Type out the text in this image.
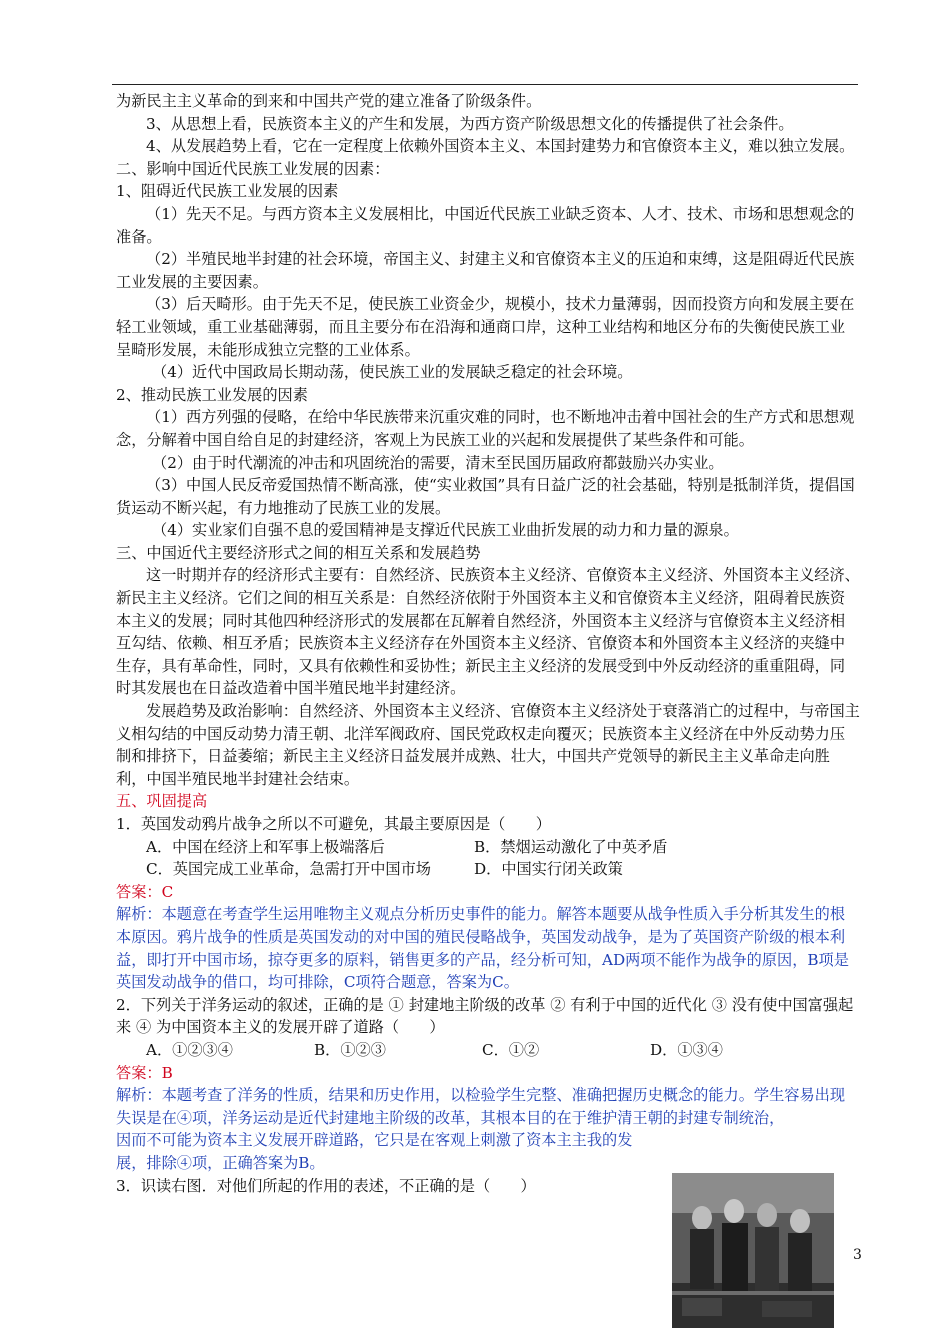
为新民主主义革命的到来和中国共产党的建立准备了阶级条件。

3、从思想上看，民族资本主义的产生和发展，为西方资产阶级思想文化的传播提供了社会条件。

4、从发展趋势上看，它在一定程度上依赖外国资本主义、本国封建势力和官僚资本主义，难以独立发展。

二、影响中国近代民族工业发展的因素：

1、阻碍近代民族工业发展的因素

（1）先天不足。与西方资本主义发展相比，中国近代民族工业缺乏资本、人才、技术、市场和思想观念的准备。

（2）半殖民地半封建的社会环境，帝国主义、封建主义和官僚资本主义的压迫和束缚，这是阻碍近代民族工业发展的主要因素。

（3）后天畸形。由于先天不足，使民族工业资金少，规模小，技术力量薄弱，因而投资方向和发展主要在轻工业领域，重工业基础薄弱，而且主要分布在沿海和通商口岸，这种工业结构和地区分布的失衡使民族工业呈畸形发展，未能形成独立完整的工业体系。

（4）近代中国政局长期动荡，使民族工业的发展缺乏稳定的社会环境。

2、推动民族工业发展的因素

（1）西方列强的侵略，在给中华民族带来沉重灾难的同时，也不断地冲击着中国社会的生产方式和思想观念，分解着中国自给自足的封建经济，客观上为民族工业的兴起和发展提供了某些条件和可能。

（2）由于时代潮流的冲击和巩固统治的需要，清末至民国历届政府都鼓励兴办实业。

（3）中国人民反帝爱国热情不断高涨，使“实业救国”具有日益广泛的社会基础，特别是抵制洋货，提倡国货运动不断兴起，有力地推动了民族工业的发展。

（4）实业家们自强不息的爱国精神是支撑近代民族工业曲折发展的动力和力量的源泉。

三、中国近代主要经济形式之间的相互关系和发展趋势

这一时期并存的经济形式主要有：自然经济、民族资本主义经济、官僚资本主义经济、外国资本主义经济、新民主主义经济。它们之间的相互关系是：自然经济依附于外国资本主义和官僚资本主义经济，阻碍着民族资本主义的发展；同时其他四种经济形式的发展都在瓦解着自然经济，外国资本主义经济与官僚资本主义经济相互勾结、依赖、相互矛盾；民族资本主义经济存在外国资本主义经济、官僚资本和外国资本主义经济的夹缝中生存，具有革命性，同时，又具有依赖性和妥协性；新民主主义经济的发展受到中外反动经济的重重阻碍，同时其发展也在日益改造着中国半殖民地半封建经济。

发展趋势及政治影响：自然经济、外国资本主义经济、官僚资本主义经济处于衰落消亡的过程中，与帝国主义相勾结的中国反动势力清王朝、北洋军阀政府、国民党政权走向覆灭；民族资本主义经济在中外反动势力压制和排挤下，日益萎缩；新民主主义经济日益发展并成熟、壮大，中国共产党领导的新民主主义革命走向胜利，中国半殖民地半封建社会结束。

五、巩固提高

1．英国发动鸦片战争之所以不可避免，其最主要原因是（　　）

A．中国在经济上和军事上极端落后	B．禁烟运动激化了中英矛盾
C．英国完成工业革命，急需打开中国市场	D．中国实行闭关政策

答案：C

解析：本题意在考查学生运用唯物主义观点分析历史事件的能力。解答本题要从战争性质入手分析其发生的根本原因。鸦片战争的性质是英国发动的对中国的殖民侵略战争，英国发动战争，是为了英国资产阶级的根本利益，即打开中国市场，掠夺更多的原料，销售更多的产品，经分析可知，AD两项不能作为战争的原因，B项是英国发动战争的借口，均可排除，C项符合题意，答案为C。

2．下列关于洋务运动的叙述，正确的是 ① 封建地主阶级的改革 ② 有利于中国的近代化 ③ 没有使中国富强起来 ④ 为中国资本主义的发展开辟了道路（　　）

A．①②③④	B．①②③	C．①②	D．①③④

答案：B

解析：本题考查了洋务的性质，结果和历史作用，以检验学生完整、准确把握历史概念的能力。学生容易出现失误是在④项，洋务运动是近代封建地主阶级的改革，其根本目的在于维护清王朝的封建专制统治，

因而不可能为资本主义发展开辟道路，它只是在客观上刺激了资本主主我的发展，排除④项，正确答案为B。

3．识读右图．对他们所起的作用的表述，不正确的是（　　）

3
